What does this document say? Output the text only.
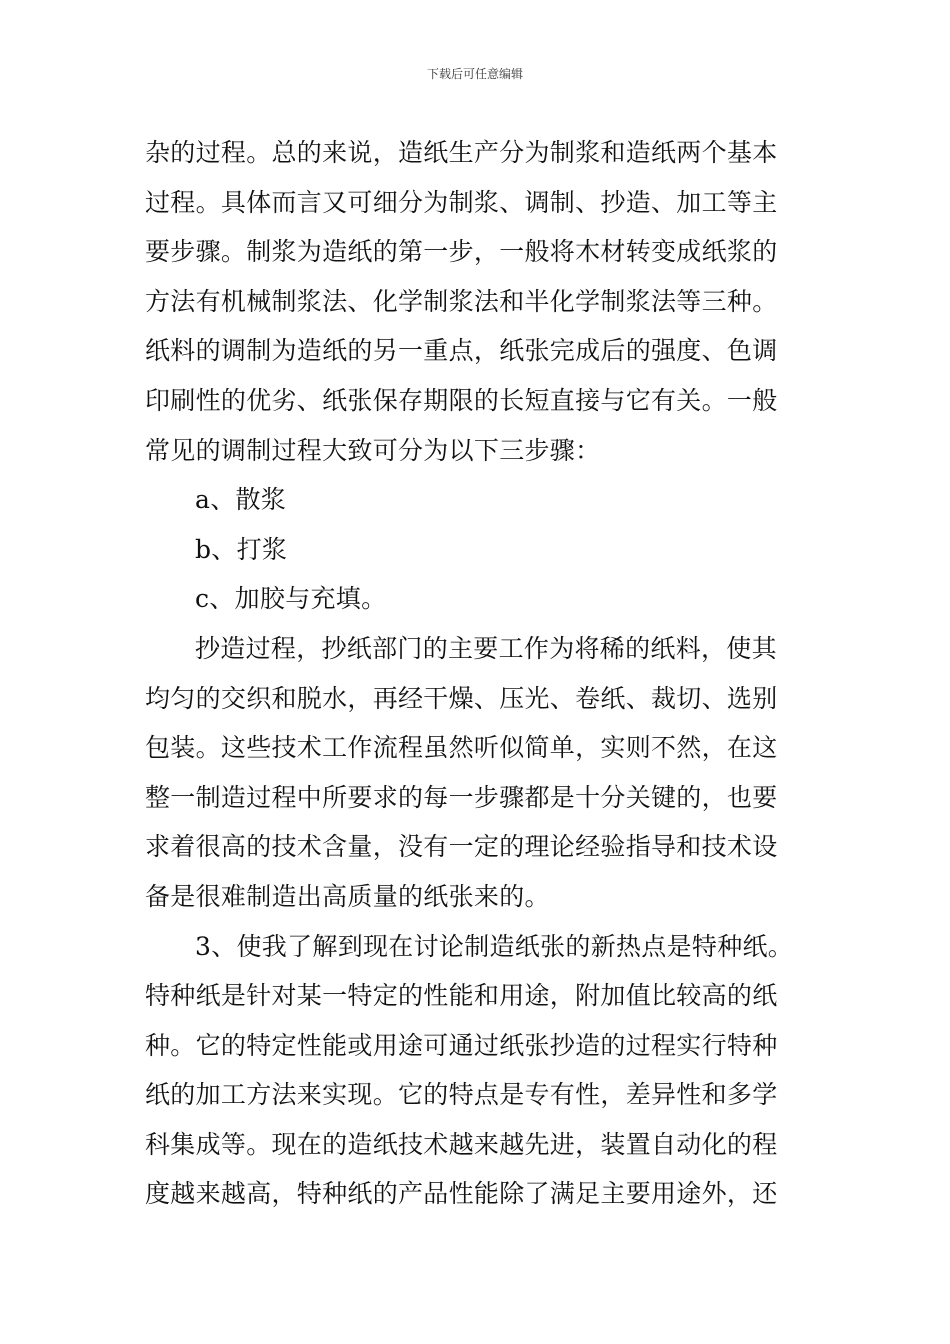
下载后可任意编辑
杂的过程。总的来说，造纸生产分为制浆和造纸两个基本
过程。具体而言又可细分为制浆、调制、抄造、加工等主
要步骤。制浆为造纸的第一步，一般将木材转变成纸浆的
方法有机械制浆法、化学制浆法和半化学制浆法等三种。
纸料的调制为造纸的另一重点，纸张完成后的强度、色调
印刷性的优劣、纸张保存期限的长短直接与它有关。一般
常见的调制过程大致可分为以下三步骤：
a、散浆
b、打浆
c、加胶与充填。
抄造过程，抄纸部门的主要工作为将稀的纸料，使其
均匀的交织和脱水，再经干燥、压光、卷纸、裁切、选别
包装。这些技术工作流程虽然听似简单，实则不然，在这
整一制造过程中所要求的每一步骤都是十分关键的，也要
求着很高的技术含量，没有一定的理论经验指导和技术设
备是很难制造出高质量的纸张来的。
3、使我了解到现在讨论制造纸张的新热点是特种纸。
特种纸是针对某一特定的性能和用途，附加值比较高的纸
种。它的特定性能或用途可通过纸张抄造的过程实行特种
纸的加工方法来实现。它的特点是专有性，差异性和多学
科集成等。现在的造纸技术越来越先进，装置自动化的程
度越来越高，特种纸的产品性能除了满足主要用途外，还
